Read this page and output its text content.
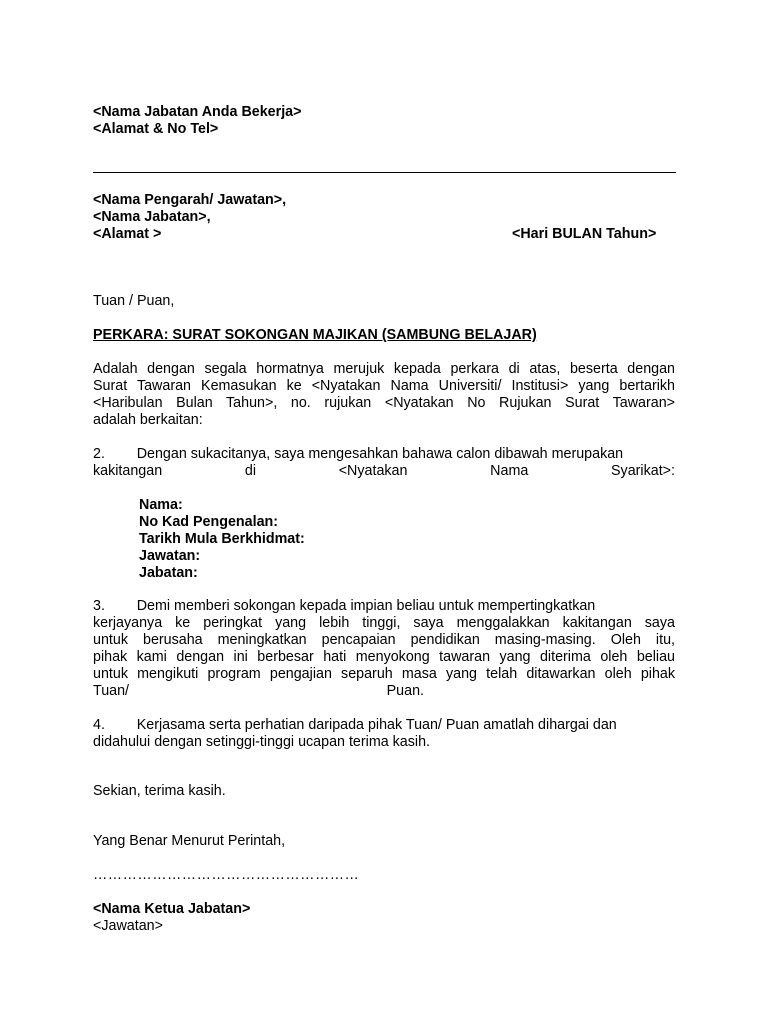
<Nama Jabatan Anda Bekerja>
<Alamat & No Tel>
<Nama Pengarah/ Jawatan>,
<Nama Jabatan>,
<Alamat >	<Hari BULAN Tahun>
Tuan / Puan,
PERKARA: SURAT SOKONGAN MAJIKAN (SAMBUNG BELAJAR)
Adalah dengan segala hormatnya merujuk kepada perkara di atas, beserta dengan
Surat Tawaran Kemasukan ke <Nyatakan Nama Universiti/ Institusi> yang bertarikh
<Haribulan Bulan Tahun>, no. rujukan <Nyatakan No Rujukan Surat Tawaran>
adalah berkaitan:
2.        Dengan sukacitanya, saya mengesahkan bahawa calon dibawah merupakan
kakitangan di <Nyatakan Nama Syarikat>:
Nama:
No Kad Pengenalan:
Tarikh Mula Berkhidmat:
Jawatan:
Jabatan:
3.        Demi memberi sokongan kepada impian beliau untuk mempertingkatkan
kerjayanya ke peringkat yang lebih tinggi, saya menggalakkan kakitangan saya
untuk berusaha meningkatkan pencapaian pendidikan masing-masing. Oleh itu,
pihak kami dengan ini berbesar hati menyokong tawaran yang diterima oleh beliau
untuk mengikuti program pengajian separuh masa yang telah ditawarkan oleh pihak
Tuan/ Puan.
4.        Kerjasama serta perhatian daripada pihak Tuan/ Puan amatlah dihargai dan
didahului dengan setinggi-tinggi ucapan terima kasih.
Sekian, terima kasih.
Yang Benar Menurut Perintah,
………………………………………………
<Nama Ketua Jabatan>
<Jawatan>
